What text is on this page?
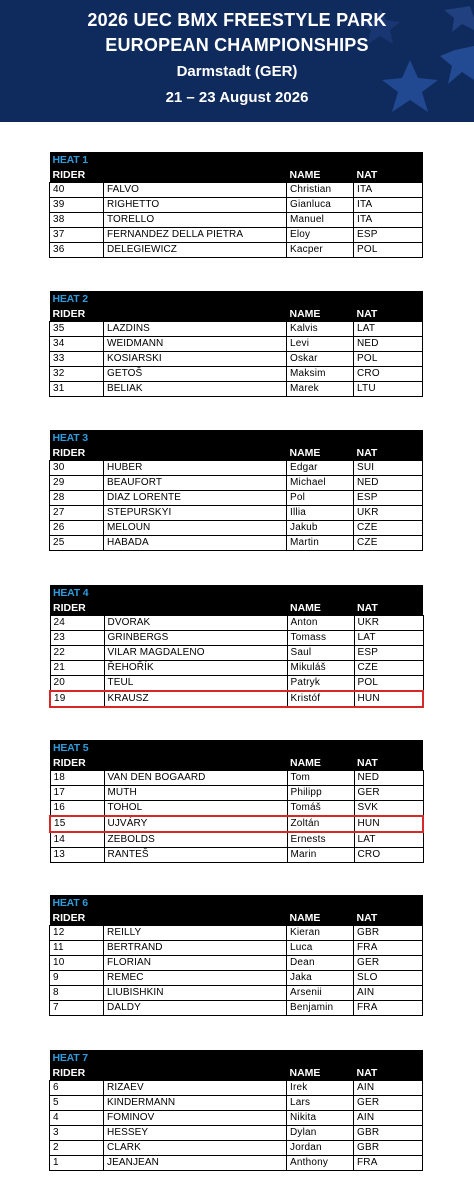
2026 UEC BMX FREESTYLE PARK
EUROPEAN CHAMPIONSHIPS
Darmstadt (GER)
21 – 23 August 2026
HEAT 1			
RIDER		NAME	NAT
40	FALVO	Christian	ITA
39	RIGHETTO	Gianluca	ITA
38	TORELLO	Manuel	ITA
37	FERNANDEZ DELLA PIETRA	Eloy	ESP
36	DELEGIEWICZ	Kacper	POL
HEAT 2			
RIDER		NAME	NAT
35	LAZDINS	Kalvis	LAT
34	WEIDMANN	Levi	NED
33	KOSIARSKI	Oskar	POL
32	GETOŠ	Maksim	CRO
31	BELIAK	Marek	LTU
HEAT 3			
RIDER		NAME	NAT
30	HUBER	Edgar	SUI
29	BEAUFORT	Michael	NED
28	DIAZ LORENTE	Pol	ESP
27	STEPURSKYI	Illia	UKR
26	MELOUN	Jakub	CZE
25	HABADA	Martin	CZE
HEAT 4			
RIDER		NAME	NAT
24	DVORAK	Anton	UKR
23	GRINBERGS	Tomass	LAT
22	VILAR MAGDALENO	Saul	ESP
21	ŘEHOŘÍK	Mikuláš	CZE
20	TEUL	Patryk	POL
19	KRAUSZ	Kristóf	HUN
HEAT 5			
RIDER		NAME	NAT
18	VAN DEN BOGAARD	Tom	NED
17	MUTH	Philipp	GER
16	TOHOL	Tomáš	SVK
15	UJVÁRY	Zoltán	HUN
14	ZEBOLDS	Ernests	LAT
13	RANTEŠ	Marin	CRO
HEAT 6			
RIDER		NAME	NAT
12	REILLY	Kieran	GBR
11	BERTRAND	Luca	FRA
10	FLORIAN	Dean	GER
9	REMEC	Jaka	SLO
8	LIUBISHKIN	Arsenii	AIN
7	DALDY	Benjamin	FRA
HEAT 7			
RIDER		NAME	NAT
6	RIZAEV	Irek	AIN
5	KINDERMANN	Lars	GER
4	FOMINOV	Nikita	AIN
3	HESSEY	Dylan	GBR
2	CLARK	Jordan	GBR
1	JEANJEAN	Anthony	FRA
